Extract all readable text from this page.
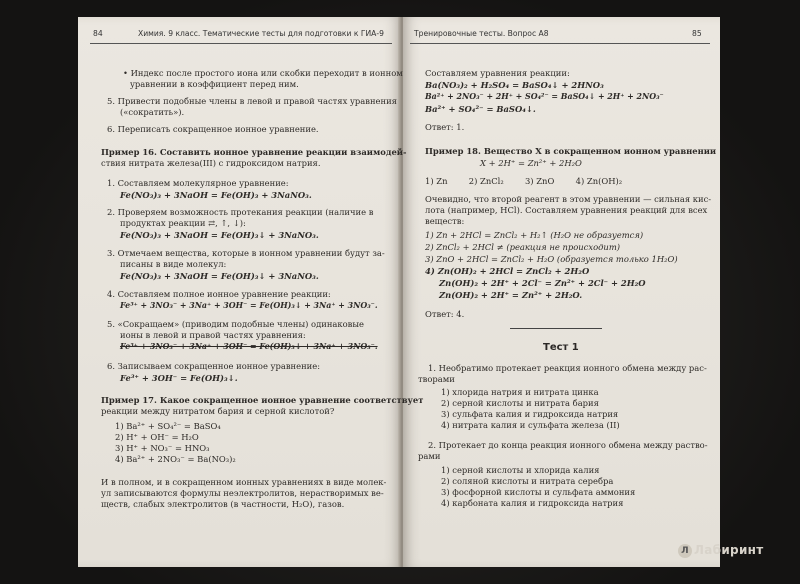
84	Химия. 9 класс. Тематические тесты для подготовки к ГИА-9
• Индекс после простого иона или скобки переходит в ионном
уравнении в коэффициент перед ним.
5. Привести подобные члены в левой и правой частях уравнения
(«сократить»).
6. Переписать сокращенное ионное уравнение.
Пример 16. Составить ионное уравнение реакции взаимодей-
ствия нитрата железа(III) с гидроксидом натрия.
1. Составляем молекулярное уравнение:
Fe(NO₃)₃ + 3NaOH = Fe(OH)₃ + 3NaNO₃.
2. Проверяем возможность протекания реакции (наличие в
продуктах реакции ⇄, ↑, ↓):
Fe(NO₃)₃ + 3NaOH = Fe(OH)₃↓ + 3NaNO₃.
3. Отмечаем вещества, которые в ионном уравнении будут за-
писаны в виде молекул:
Fe(NO₃)₃ + 3NaOH = Fe(OH)₃↓ + 3NaNO₃.
4. Составляем полное ионное уравнение реакции:
Fe³⁺ + 3NO₃⁻ + 3Na⁺ + 3OH⁻ = Fe(OH)₃↓ + 3Na⁺ + 3NO₃⁻.
5. «Сокращаем» (приводим подобные члены) одинаковые
ионы в левой и правой частях уравнения:
Fe³⁺ + 3NO₃⁻ + 3Na⁺ + 3OH⁻ = Fe(OH)₃↓ + 3Na⁺ + 3NO₃⁻.
6. Записываем сокращенное ионное уравнение:
Fe³⁺ + 3OH⁻ = Fe(OH)₃↓.
Пример 17. Какое сокращенное ионное уравнение соответствует
реакции между нитратом бария и серной кислотой?
1) Ba²⁺ + SO₄²⁻ = BaSO₄
2) H⁺ + OH⁻ = H₂O
3) H⁺ + NO₃⁻ = HNO₃
4) Ba²⁺ + 2NO₃⁻ = Ba(NO₃)₂
И в полном, и в сокращенном ионных уравнениях в виде молек-
ул записываются формулы неэлектролитов, нерастворимых ве-
ществ, слабых электролитов (в частности, H₂O), газов.
Тренировочные тесты. Вопрос А8	85
Составляем уравнения реакции:
Ba(NO₃)₂ + H₂SO₄ = BaSO₄↓ + 2HNO₃
Ba²⁺ + 2NO₃⁻ + 2H⁺ + SO₄²⁻ = BaSO₄↓ + 2H⁺ + 2NO₃⁻
Ba²⁺ + SO₄²⁻ = BaSO₄↓.
Ответ: 1.
Пример 18. Вещество X в сокращенном ионном уравнении
X + 2H⁺ = Zn²⁺ + 2H₂O
1) Zn        2) ZnCl₂        3) ZnO        4) Zn(OH)₂
Очевидно, что второй реагент в этом уравнении — сильная кис-
лота (например, HCl). Составляем уравнения реакций для всех
веществ:
1) Zn + 2HCl = ZnCl₂ + H₂↑ (H₂O не образуется)
2) ZnCl₂ + 2HCl ≠ (реакция не происходит)
3) ZnO + 2HCl = ZnCl₂ + H₂O (образуется только 1H₂O)
4) Zn(OH)₂ + 2HCl = ZnCl₂ + 2H₂O
Zn(OH)₂ + 2H⁺ + 2Cl⁻ = Zn²⁺ + 2Cl⁻ + 2H₂O
Zn(OH)₂ + 2H⁺ = Zn²⁺ + 2H₂O.
Ответ: 4.
Тест 1
1. Необратимо протекает реакция ионного обмена между рас-
творами
1) хлорида натрия и нитрата цинка
2) серной кислоты и нитрата бария
3) сульфата калия и гидроксида натрия
4) нитрата калия и сульфата железа (II)
2. Протекает до конца реакция ионного обмена между раство-
рами
1) серной кислоты и хлорида калия
2) соляной кислоты и нитрата серебра
3) фосфорной кислоты и сульфата аммония
4) карбоната калия и гидроксида натрия
Л Лабиринт
